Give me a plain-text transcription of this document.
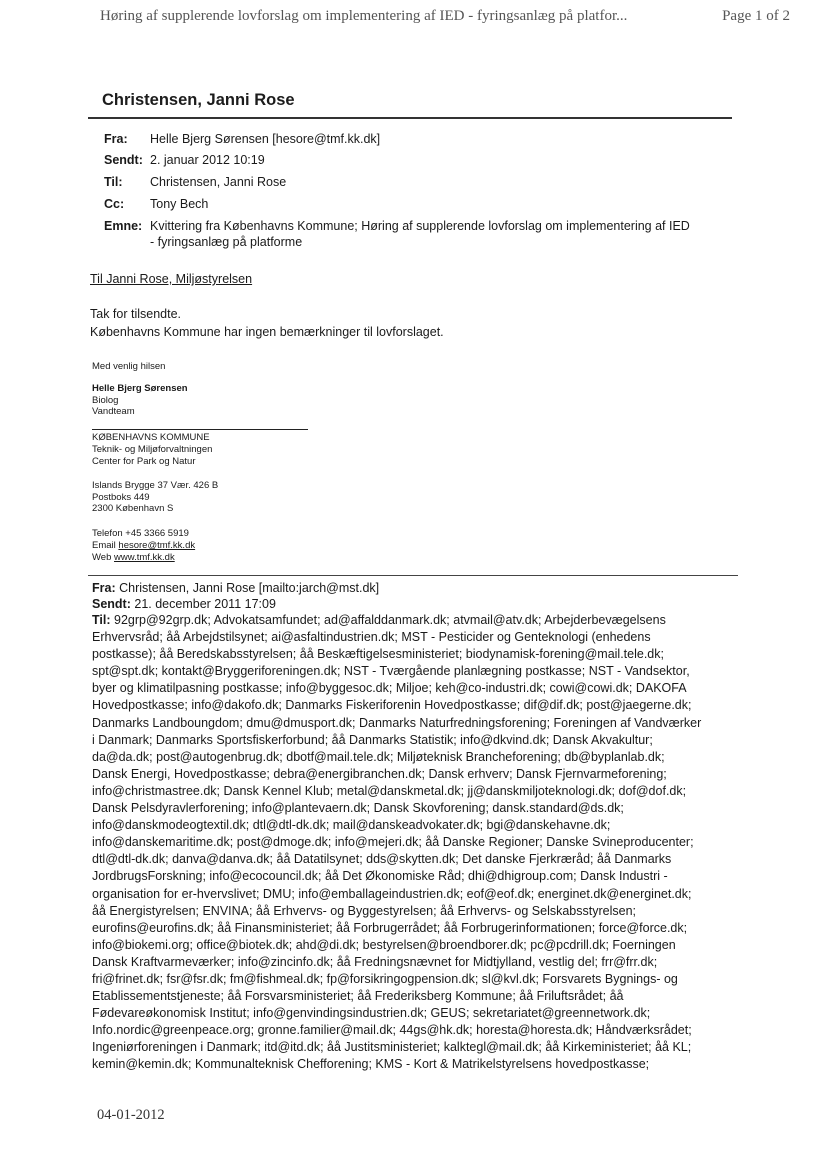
Høring af supplerende lovforslag om implementering af IED - fyringsanlæg på platfor...	Page 1 of 2
Christensen, Janni Rose
Fra: Helle Bjerg Sørensen [hesore@tmf.kk.dk]
Sendt: 2. januar 2012 10:19
Til: Christensen, Janni Rose
Cc: Tony Bech
Emne: Kvittering fra Københavns Kommune; Høring af supplerende lovforslag om implementering af IED
- fyringsanlæg på platforme
Til Janni Rose, Miljøstyrelsen
Tak for tilsendte.
Københavns Kommune har ingen bemærkninger til lovforslaget.
Med venlig hilsen
Helle Bjerg Sørensen
Biolog
Vandteam
KØBENHAVNS KOMMUNE
Teknik- og Miljøforvaltningen
Center for Park og Natur
Islands Brygge 37 Vær. 426 B
Postboks 449
2300 København S
Telefon +45 3366 5919
Email hesore@tmf.kk.dk
Web www.tmf.kk.dk
Fra: Christensen, Janni Rose [mailto:jarch@mst.dk]
Sendt: 21. december 2011 17:09
Til: 92grp@92grp.dk; Advokatsamfundet; ad@affalddanmark.dk; atvmail@atv.dk; Arbejderbevægelsens
Erhvervsråd; åå Arbejdstilsynet; ai@asfaltindustrien.dk; MST - Pesticider og Genteknologi (enhedens
postkasse); åå Beredskabsstyrelsen; åå Beskæftigelsesministeriet; biodynamisk-forening@mail.tele.dk;
spt@spt.dk; kontakt@Bryggeriforeningen.dk; NST - Tværgående planlægning postkasse; NST - Vandsektor,
byer og klimatilpasning postkasse; info@byggesoc.dk; Miljoe; keh@co-industri.dk; cowi@cowi.dk; DAKOFA
Hovedpostkasse; info@dakofo.dk; Danmarks Fiskeriforenin Hovedpostkasse; dif@dif.dk; post@jaegerne.dk;
Danmarks Landboungdom; dmu@dmusport.dk; Danmarks Naturfredningsforening; Foreningen af Vandværker
i Danmark; Danmarks Sportsfiskerforbund; åå Danmarks Statistik; info@dkvind.dk; Dansk Akvakultur;
da@da.dk; post@autogenbrug.dk; dbotf@mail.tele.dk; Miljøteknisk Brancheforening; db@byplanlab.dk;
Dansk Energi, Hovedpostkasse; debra@energibranchen.dk; Dansk erhverv; Dansk Fjernvarmeforening;
info@christmastree.dk; Dansk Kennel Klub; metal@danskmetal.dk; jj@danskmiljoteknologi.dk; dof@dof.dk;
Dansk Pelsdyravlerforening; info@plantevaern.dk; Dansk Skovforening; dansk.standard@ds.dk;
info@danskmodeogtextil.dk; dtl@dtl-dk.dk; mail@danskeadvokater.dk; bgi@danskehavne.dk;
info@danskemaritime.dk; post@dmoge.dk; info@mejeri.dk; åå Danske Regioner; Danske Svineproducenter;
dtl@dtl-dk.dk; danva@danva.dk; åå Datatilsynet; dds@skytten.dk; Det danske Fjerkræråd; åå Danmarks
JordbrugsForskning; info@ecocouncil.dk; åå Det Økonomiske Råd; dhi@dhigroup.com; Dansk Industri -
organisation for er-hvervslivet; DMU; info@emballageindustrien.dk; eof@eof.dk; energinet.dk@energinet.dk;
åå Energistyrelsen; ENVINA; åå Erhvervs- og Byggestyrelsen; åå Erhvervs- og Selskabsstyrelsen;
eurofins@eurofins.dk; åå Finansministeriet; åå Forbrugerrådet; åå Forbrugerinformationen; force@force.dk;
info@biokemi.org; office@biotek.dk; ahd@di.dk; bestyrelsen@broendborer.dk; pc@pcdrill.dk; Foerningen
Dansk Kraftvarmeværker; info@zincinfo.dk; åå Fredningsnævnet for Midtjylland, vestlig del; frr@frr.dk;
fri@frinet.dk; fsr@fsr.dk; fm@fishmeal.dk; fp@forsikringogpension.dk; sl@kvl.dk; Forsvarets Bygnings- og
Etablissementstjeneste; åå Forsvarsministeriet; åå Frederiksberg Kommune; åå Friluftsrådet; åå
Fødevareøkonomisk Institut; info@genvindingsindustrien.dk; GEUS; sekretariatet@greennetwork.dk;
Info.nordic@greenpeace.org; gronne.familier@mail.dk; 44gs@hk.dk; horesta@horesta.dk; Håndværksrådet;
Ingeniørforeningen i Danmark; itd@itd.dk; åå Justitsministeriet; kalktegl@mail.dk; åå Kirkeministeriet; åå KL;
kemin@kemin.dk; Kommunalteknisk Chefforening; KMS - Kort & Matrikelstyrelsens hovedpostkasse;
04-01-2012
